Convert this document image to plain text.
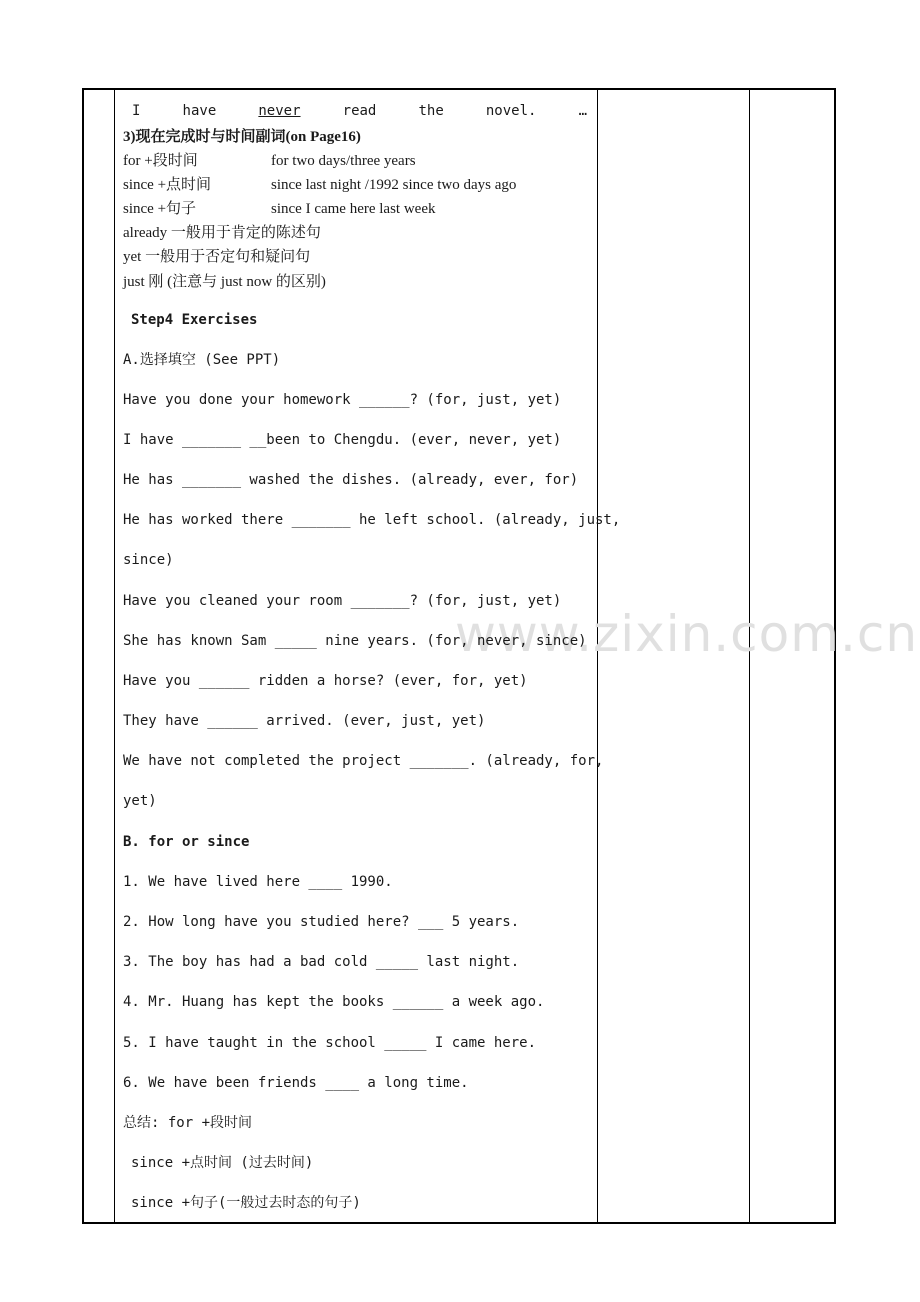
www.zixin.com.cn
I	have	never	read	the	novel.	…
3)现在完成时与时间副词(on Page16)
for +段时间	for two days/three years
since +点时间	since last night /1992 since two days ago
since +句子	since I came here last week
already 一般用于肯定的陈述句
yet 一般用于否定句和疑问句
just 刚 (注意与 just now 的区别)
Step4 Exercises
A.选择填空 (See PPT)
Have you done your homework ______? (for, just, yet)
I have _______ __been to Chengdu. (ever, never, yet)
He has _______ washed the dishes. (already, ever, for)
He has worked there _______ he left school. (already, just,
since)
Have you cleaned your room _______? (for, just, yet)
She has known Sam _____ nine years. (for, never, since)
Have you ______ ridden a horse? (ever, for, yet)
They have ______ arrived. (ever, just, yet)
We have not completed the project _______. (already, for,
yet)
B. for or since
1. We have lived here ____ 1990.
2. How long have you studied here? ___ 5 years.
3. The boy has had a bad cold _____ last night.
4. Mr. Huang has kept the books ______ a week ago.
5. I have taught in the school _____ I came here.
6. We have been friends ____ a long time.
总结: for +段时间
since +点时间 (过去时间)
since +句子(一般过去时态的句子)
